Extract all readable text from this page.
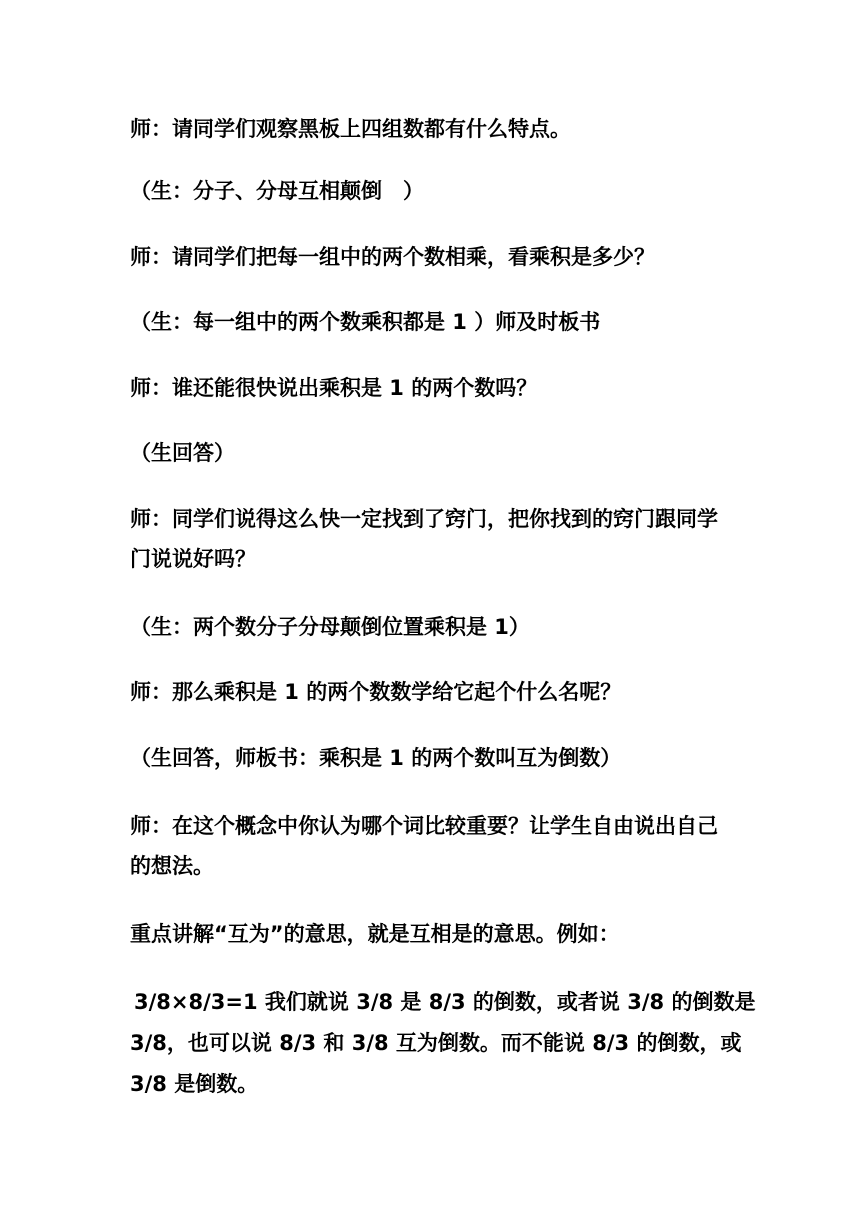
师：请同学们观察黑板上四组数都有什么特点。

（生：分子、分母互相颠倒　）

师：请同学们把每一组中的两个数相乘，看乘积是多少？

（生：每一组中的两个数乘积都是 1 ）师及时板书

师：谁还能很快说出乘积是 1 的两个数吗？

（生回答）

师：同学们说得这么快一定找到了窍门，把你找到的窍门跟同学
门说说好吗？

（生：两个数分子分母颠倒位置乘积是 1）

师：那么乘积是 1 的两个数数学给它起个什么名呢？

（生回答，师板书：乘积是 1 的两个数叫互为倒数）

师：在这个概念中你认为哪个词比较重要？让学生自由说出自己
的想法。

重点讲解“互为”的意思，就是互相是的意思。例如：

3/8×8/3=1 我们就说 3/8 是 8/3 的倒数，或者说 3/8 的倒数是
3/8，也可以说 8/3 和 3/8 互为倒数。而不能说 8/3 的倒数，或
3/8 是倒数。
